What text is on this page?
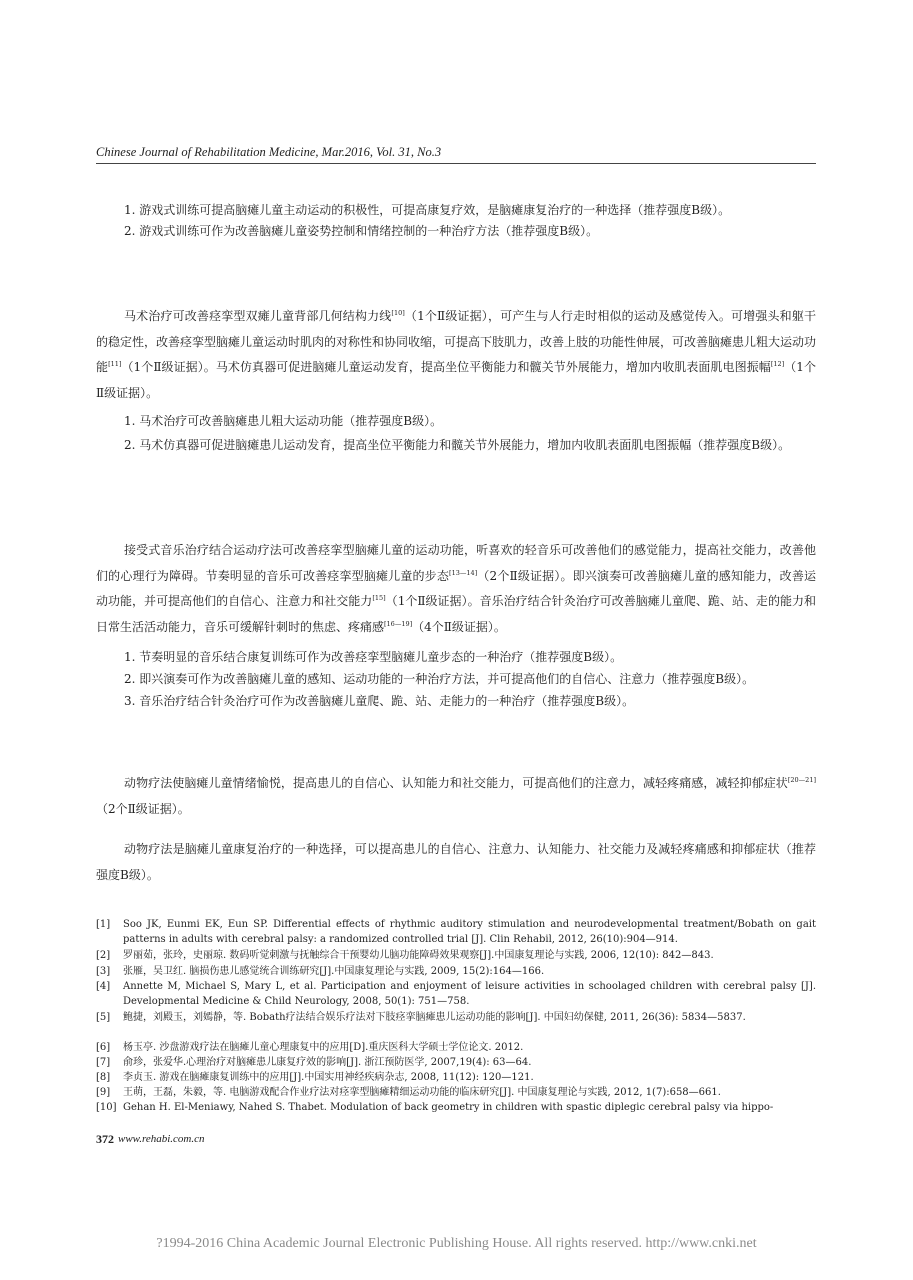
Chinese Journal of Rehabilitation Medicine, Mar.2016, Vol. 31, No.3
1. 游戏式训练可提高脑瘫儿童主动运动的积极性，可提高康复疗效，是脑瘫康复治疗的一种选择（推荐强度B级）。
2. 游戏式训练可作为改善脑瘫儿童姿势控制和情绪控制的一种治疗方法（推荐强度B级）。
马术治疗可改善痉挛型双瘫儿童背部几何结构力线[10]（1个Ⅱ级证据），可产生与人行走时相似的运动及感觉传入。可增强头和躯干的稳定性，改善痉挛型脑瘫儿童运动时肌肉的对称性和协同收缩，可提高下肢肌力，改善上肢的功能性伸展，可改善脑瘫患儿粗大运动功能[11]（1个Ⅱ级证据）。马术仿真器可促进脑瘫儿童运动发育，提高坐位平衡能力和髋关节外展能力，增加内收肌表面肌电图振幅[12]（1个Ⅱ级证据）。
1. 马术治疗可改善脑瘫患儿粗大运动功能（推荐强度B级）。
2. 马术仿真器可促进脑瘫患儿运动发育，提高坐位平衡能力和髋关节外展能力，增加内收肌表面肌电图振幅（推荐强度B级）。
接受式音乐治疗结合运动疗法可改善痉挛型脑瘫儿童的运动功能，听喜欢的轻音乐可改善他们的感觉能力，提高社交能力，改善他们的心理行为障碍。节奏明显的音乐可改善痉挛型脑瘫儿童的步态[13—14]（2个Ⅱ级证据）。即兴演奏可改善脑瘫儿童的感知能力，改善运动功能，并可提高他们的自信心、注意力和社交能力[15]（1个Ⅱ级证据）。音乐治疗结合针灸治疗可改善脑瘫儿童爬、跪、站、走的能力和日常生活活动能力，音乐可缓解针刺时的焦虑、疼痛感[16—19]（4个Ⅱ级证据）。
1. 节奏明显的音乐结合康复训练可作为改善痉挛型脑瘫儿童步态的一种治疗（推荐强度B级）。
2. 即兴演奏可作为改善脑瘫儿童的感知、运动功能的一种治疗方法，并可提高他们的自信心、注意力（推荐强度B级）。
3. 音乐治疗结合针灸治疗可作为改善脑瘫儿童爬、跪、站、走能力的一种治疗（推荐强度B级）。
动物疗法使脑瘫儿童情绪愉悦，提高患儿的自信心、认知能力和社交能力，可提高他们的注意力，减轻疼痛感，减轻抑郁症状[20—21]（2个Ⅱ级证据）。
动物疗法是脑瘫儿童康复治疗的一种选择，可以提高患儿的自信心、注意力、认知能力、社交能力及减轻疼痛感和抑郁症状（推荐强度B级）。
[1]	Soo JK, Eunmi EK, Eun SP. Differential effects of rhythmic auditory stimulation and neurodevelopmental treatment/Bobath on gait patterns in adults with cerebral palsy: a randomized controlled trial [J]. Clin Rehabil, 2012, 26(10):904—914.
[2]	罗丽茹，张玲，史丽琼. 数码听觉刺激与抚触综合干预婴幼儿脑功能障碍效果观察[J].中国康复理论与实践, 2006, 12(10): 842—843.
[3]	张雁，吴卫红. 脑损伤患儿感觉统合训练研究[J].中国康复理论与实践, 2009, 15(2):164—166.
[4]	Annette M, Michael S, Mary L, et al. Participation and enjoyment of leisure activities in schoolaged children with cerebral palsy [J]. Developmental Medicine & Child Neurology, 2008, 50(1): 751—758.
[5]	鲍捷，刘殿玉，刘嫣静，等. Bobath疗法结合娱乐疗法对下肢痉挛脑瘫患儿运动功能的影响[J]. 中国妇幼保健, 2011, 26(36): 5834—5837.
[6]	杨玉亭. 沙盘游戏疗法在脑瘫儿童心理康复中的应用[D].重庆医科大学硕士学位论文. 2012.
[7]	俞珍，张爱华.心理治疗对脑瘫患儿康复疗效的影响[J]. 浙江预防医学, 2007,19(4): 63—64.
[8]	李贞玉. 游戏在脑瘫康复训练中的应用[J].中国实用神经疾病杂志, 2008, 11(12): 120—121.
[9]	王萌，王磊，朱毅，等. 电脑游戏配合作业疗法对痉挛型脑瘫精细运动功能的临床研究[J]. 中国康复理论与实践, 2012, 1(7):658—661.
[10] Gehan H. El-Meniawy, Nahed S. Thabet. Modulation of back geometry in children with spastic diplegic cerebral palsy via hippo-
372 www.rehabi.com.cn
?1994-2016 China Academic Journal Electronic Publishing House. All rights reserved. http://www.cnki.net
